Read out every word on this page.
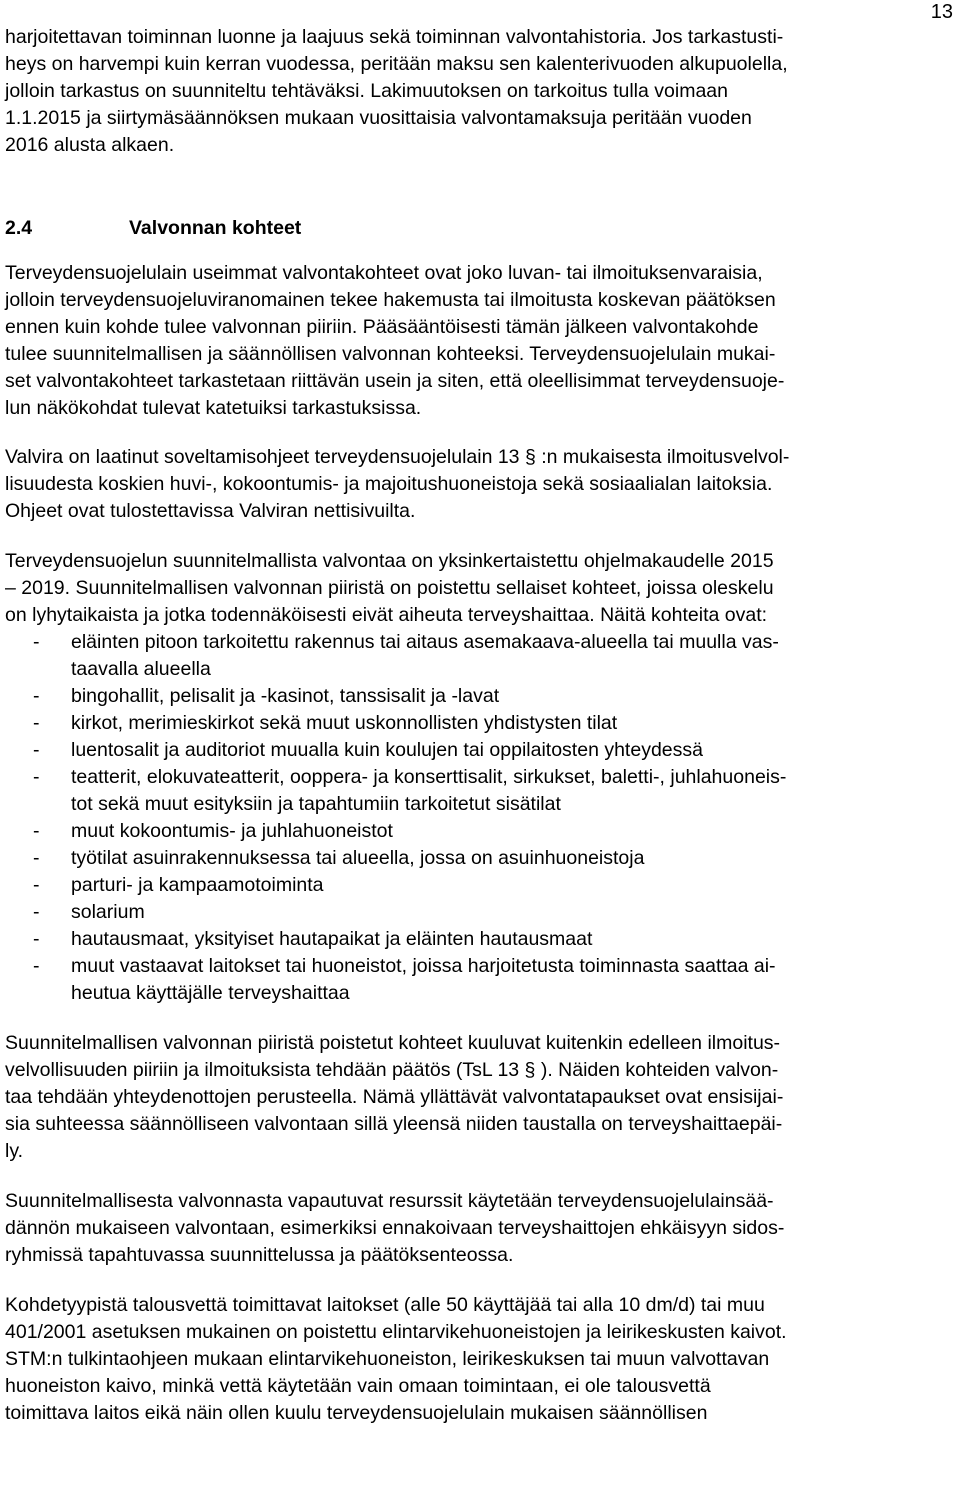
13
harjoitettavan toiminnan luonne ja laajuus sekä toiminnan valvontahistoria. Jos tarkastusti-
heys on harvempi kuin kerran vuodessa, peritään maksu sen kalenterivuoden alkupuolella,
jolloin tarkastus on suunniteltu tehtäväksi. Lakimuutoksen on tarkoitus tulla voimaan
1.1.2015 ja siirtymäsäännöksen mukaan vuosittaisia valvontamaksuja peritään vuoden
2016 alusta alkaen.
2.4	Valvonnan kohteet
Terveydensuojelulain useimmat valvontakohteet ovat joko luvan- tai ilmoituksenvaraisia,
jolloin terveydensuojeluviranomainen tekee hakemusta tai ilmoitusta koskevan päätöksen
ennen kuin kohde tulee valvonnan piiriin. Pääsääntöisesti tämän jälkeen valvontakohde
tulee suunnitelmallisen ja säännöllisen valvonnan kohteeksi. Terveydensuojelulain mukai-
set valvontakohteet tarkastetaan riittävän usein ja siten, että oleellisimmat terveydensuoje-
lun näkökohdat tulevat katetuiksi tarkastuksissa.
Valvira on laatinut soveltamisohjeet terveydensuojelulain 13 § :n mukaisesta ilmoitusvelvol-
lisuudesta koskien huvi-, kokoontumis- ja majoitushuoneistoja sekä sosiaalialan laitoksia.
Ohjeet ovat tulostettavissa Valviran nettisivuilta.
Terveydensuojelun suunnitelmallista valvontaa on yksinkertaistettu ohjelmakaudelle 2015
– 2019. Suunnitelmallisen valvonnan piiristä on poistettu sellaiset kohteet, joissa oleskelu
on lyhytaikaista ja jotka todennäköisesti eivät aiheuta terveyshaittaa. Näitä kohteita ovat:
- eläinten pitoon tarkoitettu rakennus tai aitaus asemakaava-alueella tai muulla vas-
taavalla alueella
- bingohallit, pelisalit ja -kasinot, tanssisalit ja -lavat
- kirkot, merimieskirkot sekä muut uskonnollisten yhdistysten tilat
- luentosalit ja auditoriot muualla kuin koulujen tai oppilaitosten yhteydessä
- teatterit, elokuvateatterit, ooppera- ja konserttisalit, sirkukset, baletti-, juhlahuoneis-
tot sekä muut esityksiin ja tapahtumiin tarkoitetut sisätilat
- muut kokoontumis- ja juhlahuoneistot
- työtilat asuinrakennuksessa tai alueella, jossa on asuinhuoneistoja
- parturi- ja kampaamotoiminta
- solarium
- hautausmaat, yksityiset hautapaikat ja eläinten hautausmaat
- muut vastaavat laitokset tai huoneistot, joissa harjoitetusta toiminnasta saattaa ai-
heutua käyttäjälle terveyshaittaa
Suunnitelmallisen valvonnan piiristä poistetut kohteet kuuluvat kuitenkin edelleen ilmoitus-
velvollisuuden piiriin ja ilmoituksista tehdään päätös (TsL 13 § ). Näiden kohteiden valvon-
taa tehdään yhteydenottojen perusteella. Nämä yllättävät valvontatapaukset ovat ensisijai-
sia suhteessa säännölliseen valvontaan sillä yleensä niiden taustalla on terveyshaittaepäi-
ly.
Suunnitelmallisesta valvonnasta vapautuvat resurssit käytetään terveydensuojelulainsää-
dännön mukaiseen valvontaan, esimerkiksi ennakoivaan terveyshaittojen ehkäisyyn sidos-
ryhmissä tapahtuvassa suunnittelussa ja päätöksenteossa.
Kohdetyypistä talousvettä toimittavat laitokset (alle 50 käyttäjää tai alla 10 dm/d) tai muu
401/2001 asetuksen mukainen on poistettu elintarvikehuoneistojen ja leirikeskusten kaivot.
STM:n tulkintaohjeen mukaan elintarvikehuoneiston, leirikeskuksen tai muun valvottavan
huoneiston kaivo, minkä vettä käytetään vain omaan toimintaan, ei ole talousvettä
toimittava laitos eikä näin ollen kuulu terveydensuojelulain mukaisen säännöllisen
